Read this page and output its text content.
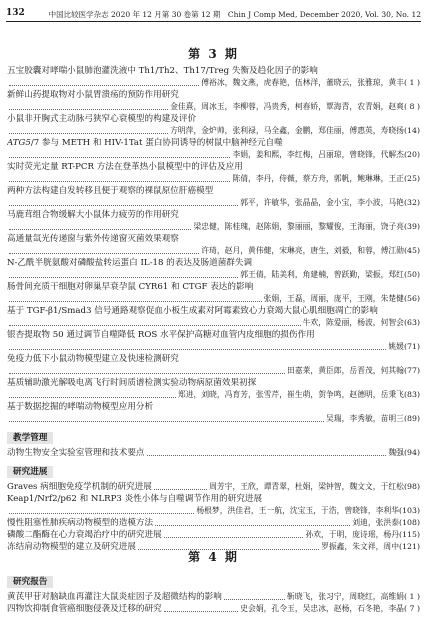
132	中国比较医学杂志 2020 年 12 月第 30 卷第 12 期　Chin J Comp Med, December 2020, Vol. 30, No. 12
第 3 期
五宝胶囊对哮喘小鼠肺泡灌洗液中 Th1/Th2、Th17/Treg 失衡及趋化因子的影响
傅裕冰，魏文燕，虎春艳，伍林洋，董晓云，张雅琼，黄丰 ( 1 )
新鲜山药提取物对小鼠胃溃疡的预防作用研究
金佳熹，周冰玉，李柳蓉，冯贵秀，柯春娇，覃海青，农青娟，赵爽 ( 8 )
小鼠非开胸式主动脉弓狭窄心衰模型的构建及评价
方明萍，金炉帅，张利禄，马全鑫，金鹏，郑佳丽，傅惠英，寿晓扬 (14)
ATG5/7 参与 METH 和 HIV-1Tat 蛋白协同诱导的树鼠中脑神经元自噬
李娟，姜和熙，李红梅，吕丽琼，曾晓锋，代解杰 (20)
实时荧光定量 RT-PCR 方法在登革热小鼠模型中的评估及应用
陈倩，李丹，侍薇，蔡方舟，郭帆，鲍琳琳，王正 (25)
两种方法构建自发转移且便于观察的裸鼠原位肝癌模型
郭平，许敏华，张晶晶，金小宝，李小波，马艳 (32)
马鹿茸组合物缓解大小鼠体力疲劳的作用研究
梁忠健，陈桂瑰，赵陈娟，黎丽丽，黎耀俊，王海丽，饶子亮 (39)
高通量氙光传递窗与紫外传递窗灭菌效果观察
许琦，赵月，黄伟健，宋琳亮，唐生，刘毅，和蓉，傅江勋 (45)
N-乙酰半胱氨酸对磷酸盐转运蛋白 IL-18 的表达及肠道菌群失调
郭王倩，陆美利，角建楠，曾跃勤，梁振，郑红 (50)
肠骨间充质干细胞对卵巢早衰孕鼠 CYR61 和 CTGF 表达的影响
张娟，王磊，周丽，庞平，王刚，朱楚健 (56)
基于 TGF-β1/Smad3 信号通路观察促血小板生成素对阿霉素致心力衰竭大鼠心肌细胞凋亡的影响
牛欢，陈爱丽，杨波，何智会 (63)
银杏提取物 50 通过调节自噬降低 ROS 水平保护高糖对血管内皮细胞的损伤作用
姚媛 (71)
免疫力低下小鼠动物模型建立及快速检测研究
田嘉莱，黄臣郎，岳晋茂，何其翰 (77)
基质辅助激光解吸电离飞行时间质谱检测实验动物病原菌效果初探
郑进，刘晓，冯育芳，张雪芹，崔生萌，贺争鸣，赵德明，岳秉飞 (83)
基于数据挖掘的哮喘动物模型应用分析
吴瑞，李秀敏，苗明三 (89)
教学管理
动物生物安全实验室管理和技术要点	魏强 (94)
研究进展
Graves 病细胞免疫学机制的研究进展	周芳宇，王欣，谭青翠，杜娟，梁钟智，魏文文，于红松 (98)
Keap1/Nrf2/p62 和 NLRP3 炎性小体与自噬调节作用的研究进展
杨根梦，洪佳君，王一航，沈宝玉，于浩，曾晓锋，李利华 (103)
慢性阻塞性肺疾病动物模型的造模方法	刘迪，张洪泰 (108)
磷酸二酯酶在心力衰竭治疗中的研究进展	孙欢，于明，庞诗瑶，杨丹 (115)
冻结肩动物模型的建立及研究进展	罗振鑫，朱文祥，周中 (121)
第 4 期
研究报告
黄芪甲苷对脑缺血再灌注大鼠炎症因子及超微结构的影响	靳晓飞，张习宁，周晓红，高维娟 ( 1 )
四物饮抑制食管癌细胞侵袭及迁移的研究	史会娟，孔令玉，吴忠冰，赵杨，石冬艳，李晶 ( 7 )
